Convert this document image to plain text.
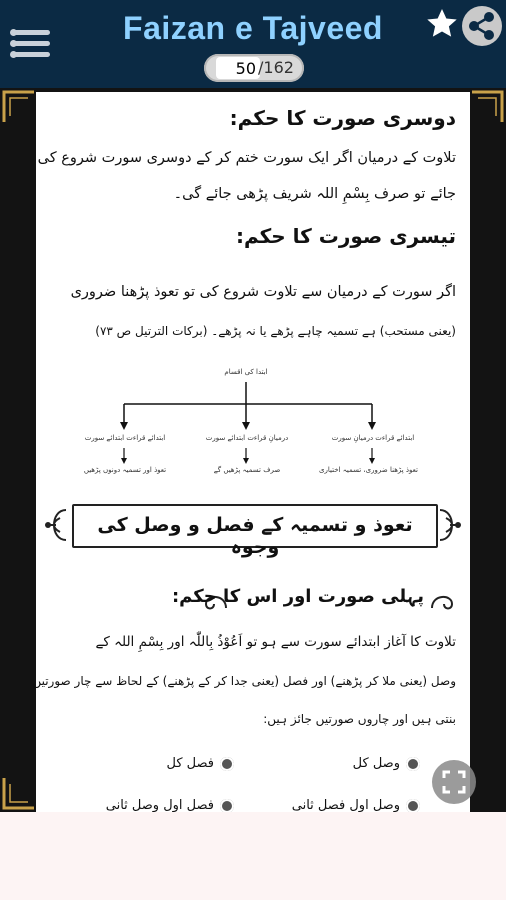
Faizan e Tajveed
50
/162
دوسری صورت کا حکم:
تلاوت کے درمیان اگر ایک سورت ختم کر کے دوسری سورت شروع کی
جائے تو صرف بِسْمِ اللہ شریف پڑھی جائے گی۔
تیسری صورت کا حکم:
اگر سورت کے درمیان سے تلاوت شروع کی تو تعوذ پڑھنا ضروری
(یعنی مستحب) ہے تسمیہ چاہے پڑھے یا نہ پڑھے۔ (برکات الترتیل ص ۷۳)
ابتدا کی اقسام
ابتدائے قراءت ابتدائے سورت	درمیانِ قراءت ابتدائے سورت	ابتدائے قراءت درمیانِ سورت
تعوذ اور تسمیہ دونوں پڑھیں	صرف تسمیہ پڑھیں گے	تعوذ پڑھنا ضروری، تسمیہ اختیاری
تعوذ و تسمیہ کے فصل و وصل کی وجوہ
پہلی صورت اور اس کا حکم:
تلاوت کا آغاز ابتدائے سورت سے ہو تو اَعُوْذُ بِاللّٰہ اور بِسْمِ اللہ کے
وصل (یعنی ملا کر پڑھنے) اور فصل (یعنی جدا کر کے پڑھنے) کے لحاظ سے چار صورتیں
بنتی ہیں اور چاروں صورتیں جائز ہیں:
وصل کل
فصل کل
وصل اول فصل ثانی
فصل اول وصل ثانی
